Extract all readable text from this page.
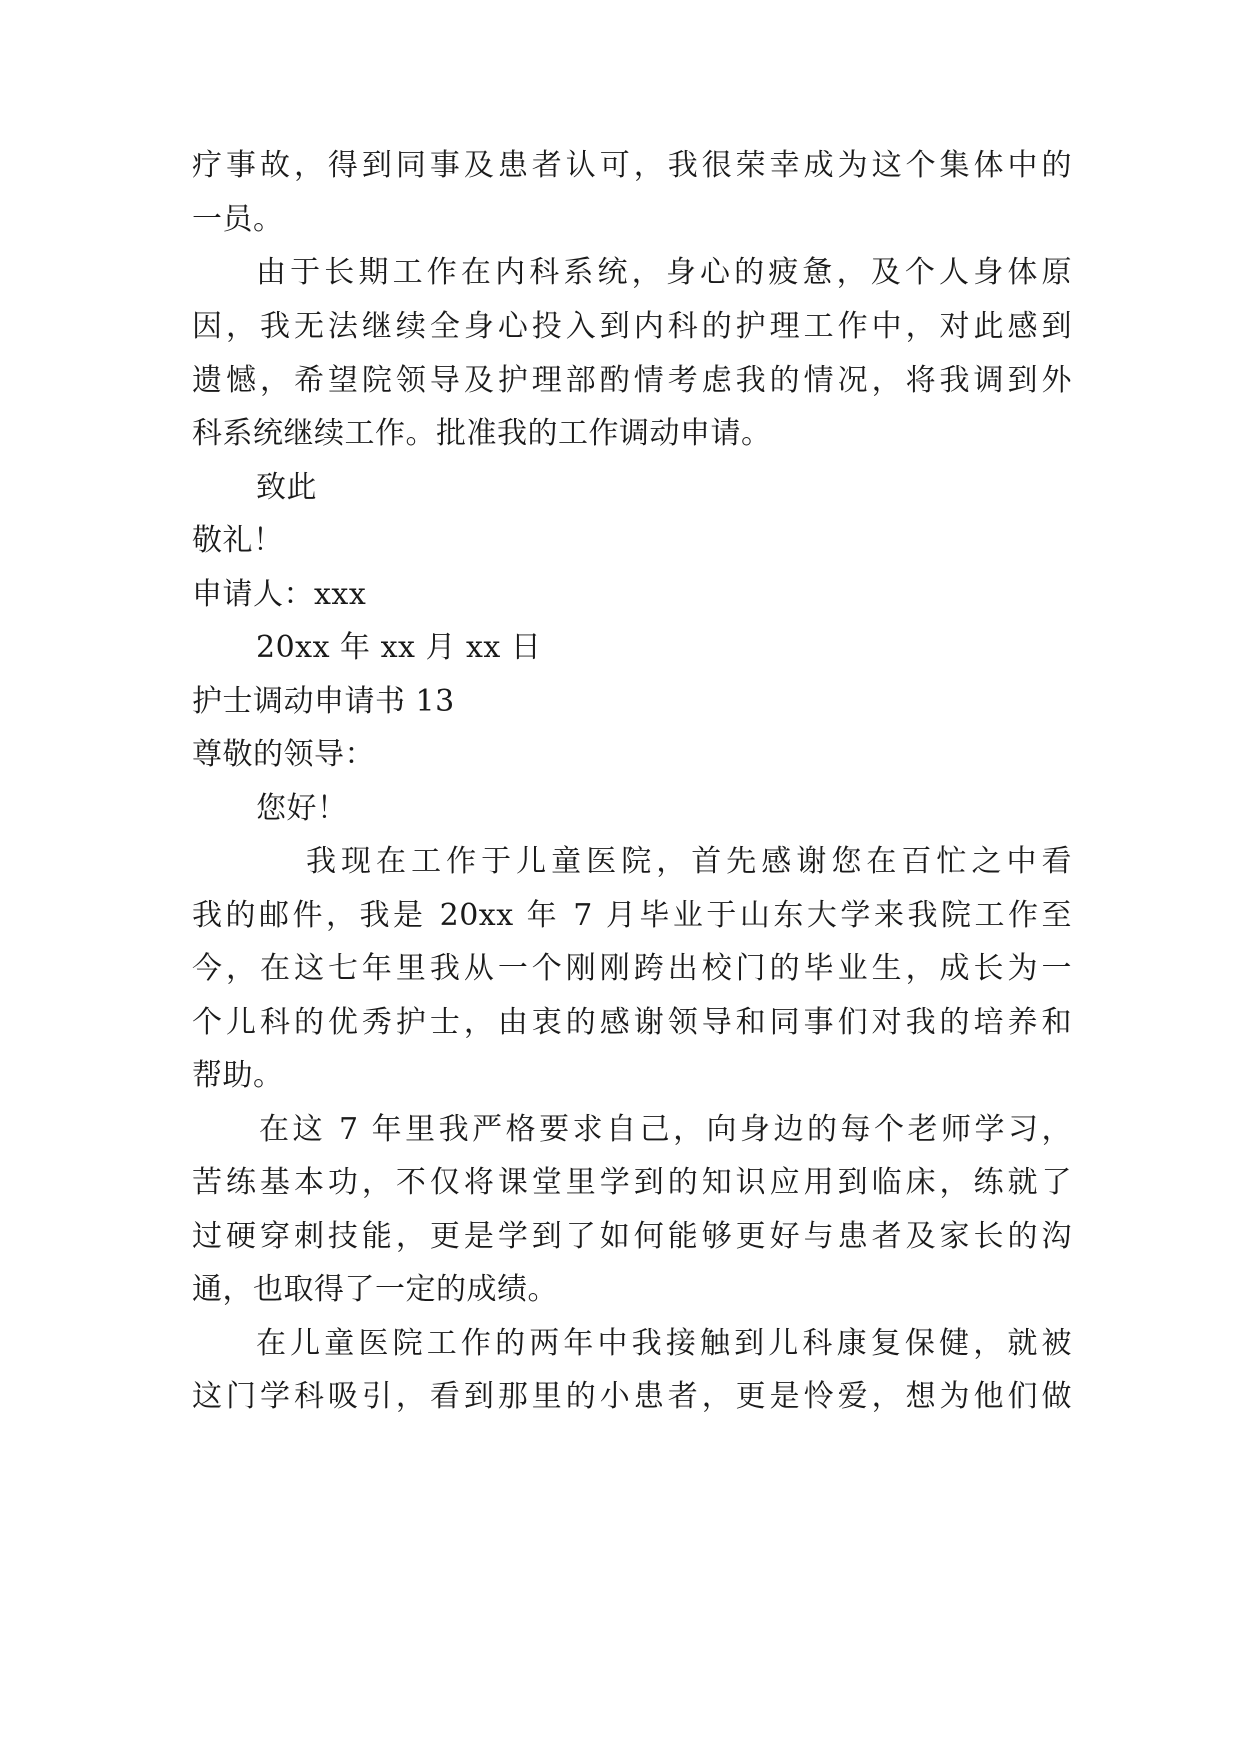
疗事故，得到同事及患者认可，我很荣幸成为这个集体中的
一员。
由于长期工作在内科系统，身心的疲惫，及个人身体原
因，我无法继续全身心投入到内科的护理工作中，对此感到
遗憾，希望院领导及护理部酌情考虑我的情况，将我调到外
科系统继续工作。批准我的工作调动申请。
致此
敬礼！
申请人：xxx
20xx 年 xx 月 xx 日
护士调动申请书 13
尊敬的领导：
您好！
我现在工作于儿童医院，首先感谢您在百忙之中看
我的邮件，我是 20xx 年 7 月毕业于山东大学来我院工作至
今，在这七年里我从一个刚刚跨出校门的毕业生，成长为一
个儿科的优秀护士，由衷的感谢领导和同事们对我的培养和
帮助。
在这 7 年里我严格要求自己，向身边的每个老师学习，
苦练基本功，不仅将课堂里学到的知识应用到临床，练就了
过硬穿刺技能，更是学到了如何能够更好与患者及家长的沟
通，也取得了一定的成绩。
在儿童医院工作的两年中我接触到儿科康复保健，就被
这门学科吸引，看到那里的小患者，更是怜爱，想为他们做
